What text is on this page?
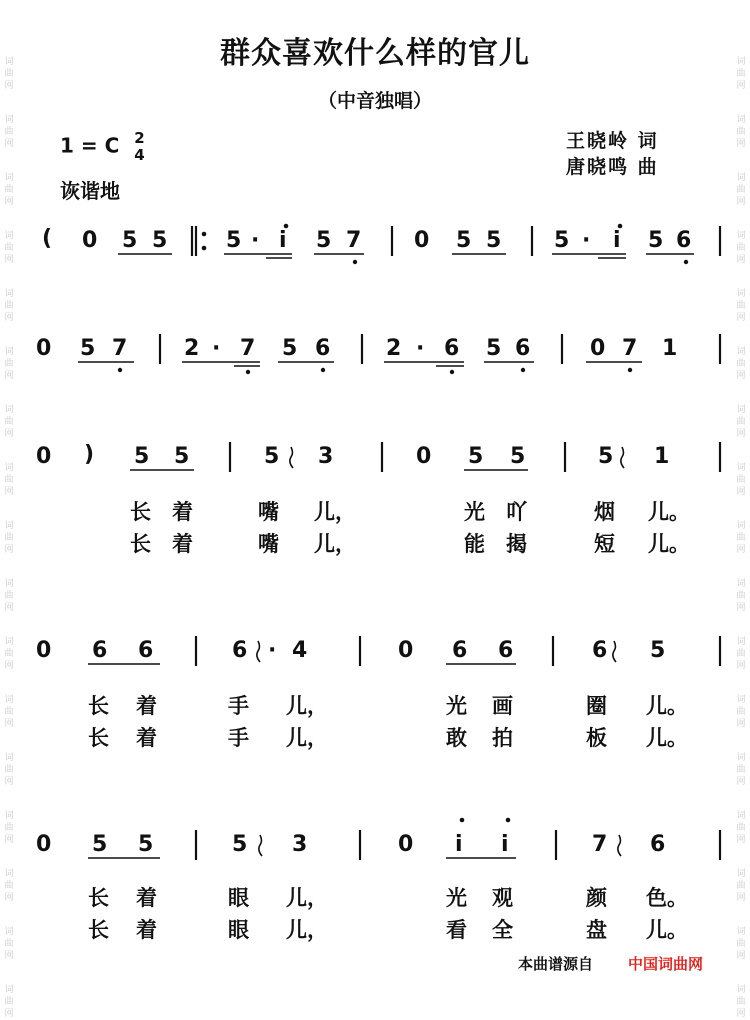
群众喜欢什么样的官儿
（中音独唱）
1 = C 2
4
诙谐地
王晓岭 词
唐晓鸣 曲
词
曲
网
词
曲
网
词
曲
网
词
曲
网
词
曲
网
词
曲
网
词
曲
网
词
曲
网
词
曲
网
词
曲
网
词
曲
网
词
曲
网
词
曲
网
词
曲
网
词
曲
网
词
曲
网
词
曲
网
词
曲
网
词
曲
网
词
曲
网
词
曲
网
词
曲
网
词
曲
网
词
曲
网
词
曲
网
词
曲
网
词
曲
网
词
曲
网
词
曲
网
词
曲
网
词
曲
网
词
曲
网
词
曲
网
词
曲
网
( 0 5 5	5 · i 5 7 0 5 5 5 · i 5 6
0 5 7	2 · 7 5 6	2 · 6 5 6	0 7 1
0 ) 5 5	5 3	0 5 5	5 1
长 着	嘴 儿，	光 吖	烟 儿。
长 着	嘴 儿，	能 揭	短 儿。
0 6 6	6 · 4	0 6 6	6 5
长 着	手 儿，	光 画	圈 儿。
长 着	手 儿，	敢 拍	板 儿。
0 5 5	5 3	0 i i	7 6
长 着	眼 儿，	光 观	颜 色。
长 着	眼 儿，	看 全	盘 儿。
本曲谱源自 中国词曲网
